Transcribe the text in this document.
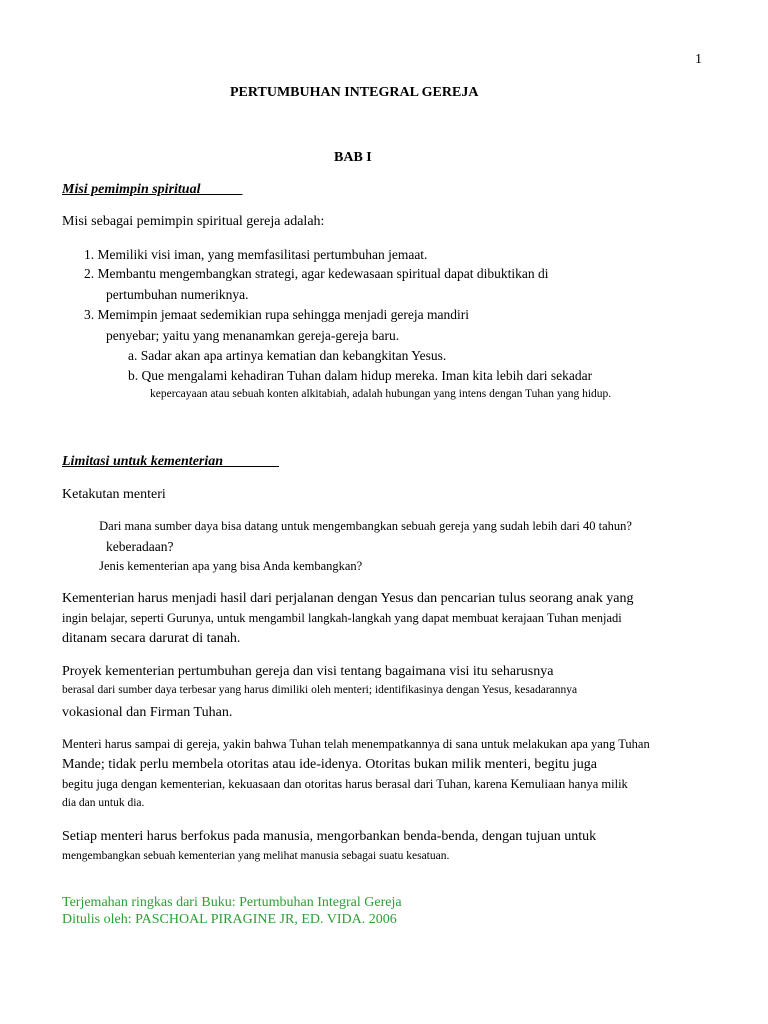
1
PERTUMBUHAN INTEGRAL GEREJA
BAB I
Misi pemimpin spiritual
Misi sebagai pemimpin spiritual gereja adalah:
1. Memiliki visi iman, yang memfasilitasi pertumbuhan jemaat.
2. Membantu mengembangkan strategi, agar kedewasaan spiritual dapat dibuktikan di
pertumbuhan numeriknya.
3. Memimpin jemaat sedemikian rupa sehingga menjadi gereja mandiri
penyebar; yaitu yang menanamkan gereja-gereja baru.
a. Sadar akan apa artinya kematian dan kebangkitan Yesus.
b. Que mengalami kehadiran Tuhan dalam hidup mereka. Iman kita lebih dari sekadar
kepercayaan atau sebuah konten alkitabiah, adalah hubungan yang intens dengan Tuhan yang hidup.
Limitasi untuk kementerian
Ketakutan menteri
Dari mana sumber daya bisa datang untuk mengembangkan sebuah gereja yang sudah lebih dari 40 tahun?
keberadaan?
Jenis kementerian apa yang bisa Anda kembangkan?
Kementerian harus menjadi hasil dari perjalanan dengan Yesus dan pencarian tulus seorang anak yang
ingin belajar, seperti Gurunya, untuk mengambil langkah-langkah yang dapat membuat kerajaan Tuhan menjadi
ditanam secara darurat di tanah.
Proyek kementerian pertumbuhan gereja dan visi tentang bagaimana visi itu seharusnya
berasal dari sumber daya terbesar yang harus dimiliki oleh menteri; identifikasinya dengan Yesus, kesadarannya
vokasional dan Firman Tuhan.
Menteri harus sampai di gereja, yakin bahwa Tuhan telah menempatkannya di sana untuk melakukan apa yang Tuhan
Mande; tidak perlu membela otoritas atau ide-idenya. Otoritas bukan milik menteri, begitu juga
begitu juga dengan kementerian, kekuasaan dan otoritas harus berasal dari Tuhan, karena Kemuliaan hanya milik
dia dan untuk dia.
Setiap menteri harus berfokus pada manusia, mengorbankan benda-benda, dengan tujuan untuk
mengembangkan sebuah kementerian yang melihat manusia sebagai suatu kesatuan.
Terjemahan ringkas dari Buku: Pertumbuhan Integral Gereja
Ditulis oleh: PASCHOAL PIRAGINE JR, ED. VIDA. 2006
